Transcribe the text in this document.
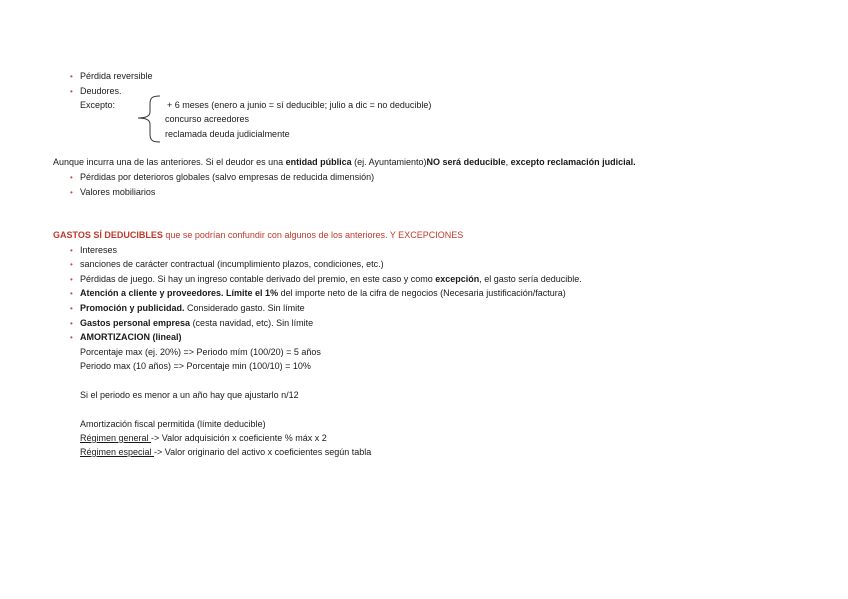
• Pérdida reversible
• Deudores.
Excepto:	+ 6 meses (enero a junio = sí deducible; julio a dic = no deducible)
concurso acreedores
reclamada deuda judicialmente
Aunque incurra una de las anteriores. Si el deudor es una entidad pública (ej. Ayuntamiento)NO será deducible, excepto reclamación judicial.
• Pérdidas por deterioros globales (salvo empresas de reducida dimensión)
• Valores mobiliarios
GASTOS SÍ DEDUCIBLES que se podrían confundir con algunos de los anteriores. Y EXCEPCIONES
• Intereses
• sanciones de carácter contractual (incumplimiento plazos, condiciones, etc.)
• Pérdidas de juego. Si hay un ingreso contable derivado del premio, en este caso y como excepción, el gasto sería deducible.
• Atención a cliente y proveedores. Límite el 1% del importe neto de la cifra de negocios (Necesaria justificación/factura)
• Promoción y publicidad. Considerado gasto. Sin límite
• Gastos personal empresa (cesta navidad, etc). Sin límite
• AMORTIZACION (lineal)
Porcentaje max (ej. 20%) => Periodo mím (100/20) = 5 años
Periodo max (10 años) => Porcentaje min (100/10) = 10%
Si el periodo es menor a un año hay que ajustarlo n/12
Amortización fiscal permitida (límite deducible)
Régimen general -> Valor adquisición x coeficiente % máx x 2
Régimen especial -> Valor originario del activo x coeficientes según tabla
